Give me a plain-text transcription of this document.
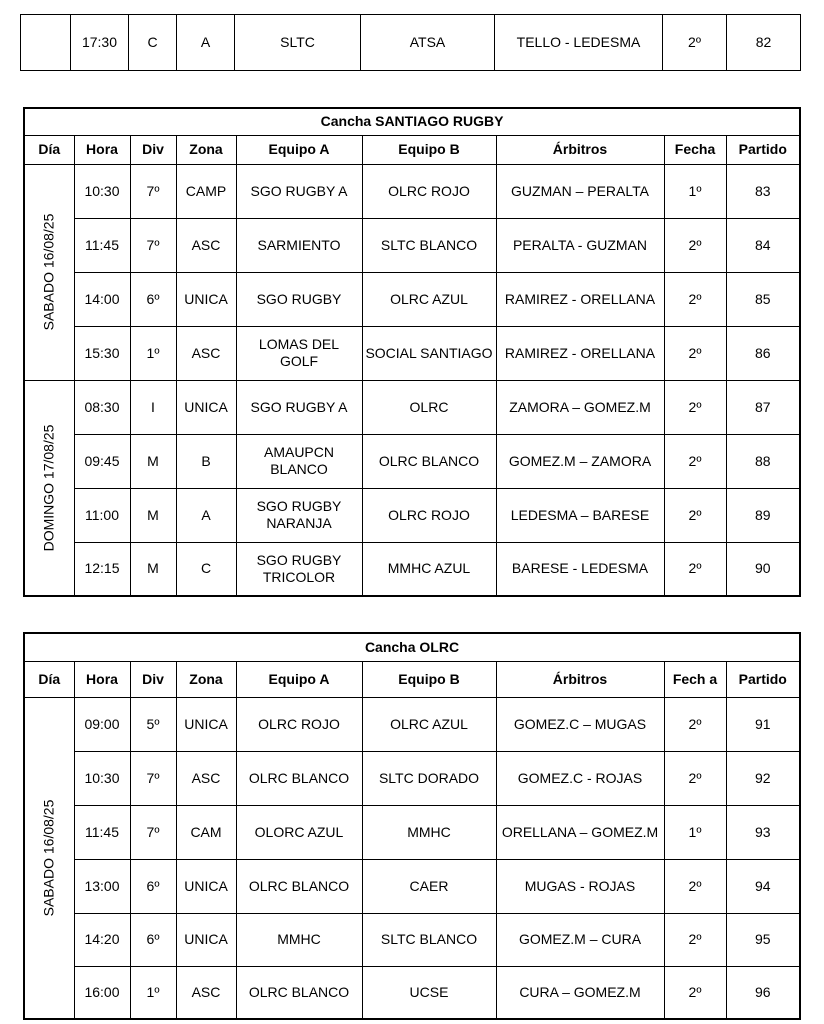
	17:30	C	A	SLTC	ATSA	TELLO - LEDESMA	2º	82
Cancha SANTIAGO RUGBY								
Día	Hora	Div	Zona	Equipo A	Equipo B	Árbitros	Fecha	Partido

SABADO 16/08/25	10:30	7º	CAMP	SGO RUGBY A	OLRC ROJO	GUZMAN – PERALTA	1º	83
	11:45	7º	ASC	SARMIENTO	SLTC BLANCO	PERALTA - GUZMAN	2º	84
	14:00	6º	UNICA	SGO RUGBY	OLRC AZUL	RAMIREZ - ORELLANA	2º	85
	15:30	1º	ASC	LOMAS DEL GOLF	SOCIAL SANTIAGO	RAMIREZ - ORELLANA	2º	86

DOMINGO 17/08/25	08:30	I	UNICA	SGO RUGBY A	OLRC	ZAMORA – GOMEZ.M	2º	87
	09:45	M	B	AMAUPCN BLANCO	OLRC BLANCO	GOMEZ.M – ZAMORA	2º	88
	11:00	M	A	SGO RUGBY NARANJA	OLRC ROJO	LEDESMA – BARESE	2º	89
	12:15	M	C	SGO RUGBY TRICOLOR	MMHC AZUL	BARESE - LEDESMA	2º	90
Cancha OLRC								
Día	Hora	Div	Zona	Equipo A	Equipo B	Árbitros	Fech a	Partido

SABADO 16/08/25	09:00	5º	UNICA	OLRC ROJO	OLRC AZUL	GOMEZ.C – MUGAS	2º	91
	10:30	7º	ASC	OLRC BLANCO	SLTC DORADO	GOMEZ.C - ROJAS	2º	92
	11:45	7º	CAM	OLORC AZUL	MMHC	ORELLANA – GOMEZ.M	1º	93
	13:00	6º	UNICA	OLRC BLANCO	CAER	MUGAS - ROJAS	2º	94
	14:20	6º	UNICA	MMHC	SLTC BLANCO	GOMEZ.M – CURA	2º	95
	16:00	1º	ASC	OLRC BLANCO	UCSE	CURA – GOMEZ.M	2º	96
